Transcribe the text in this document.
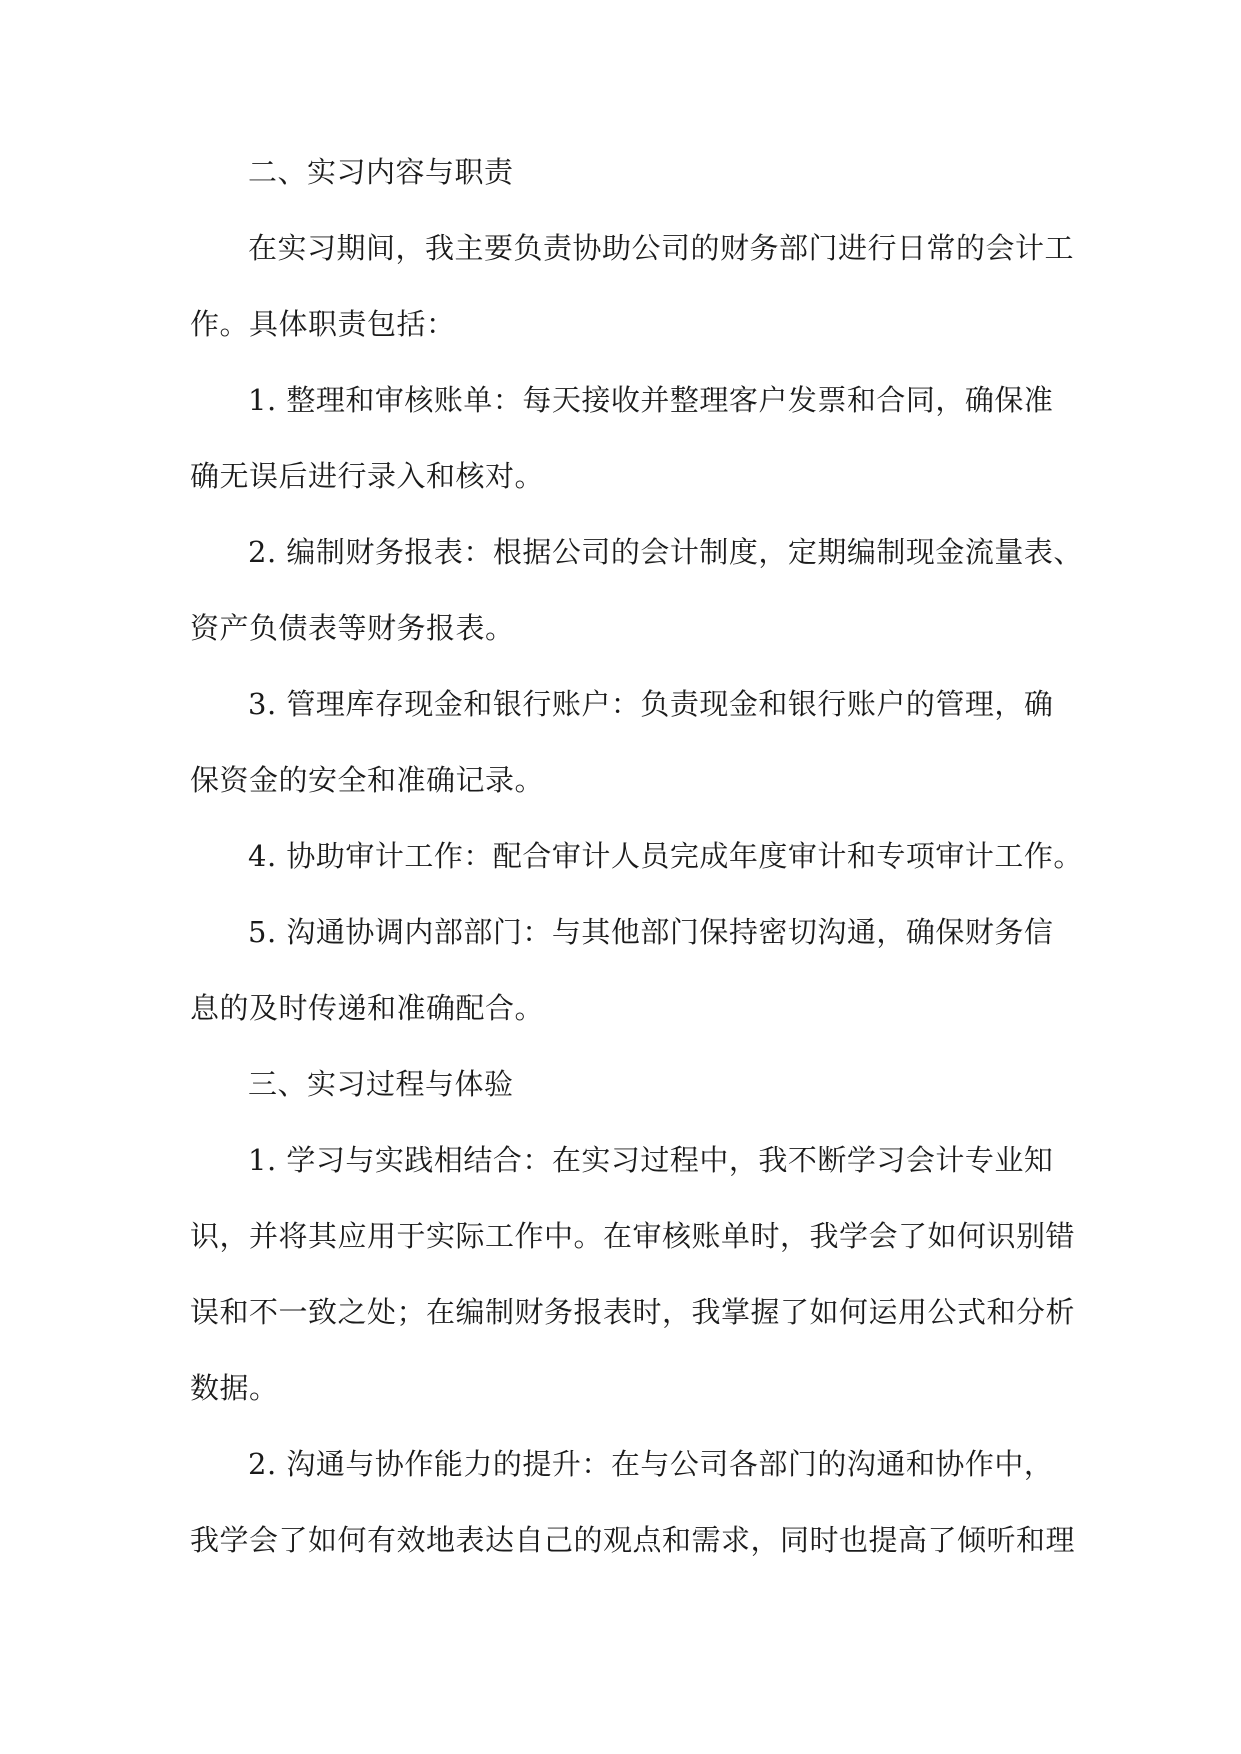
二、实习内容与职责
在实习期间，我主要负责协助公司的财务部门进行日常的会计工
作。具体职责包括：
1. 整理和审核账单：每天接收并整理客户发票和合同，确保准
确无误后进行录入和核对。
2. 编制财务报表：根据公司的会计制度，定期编制现金流量表、
资产负债表等财务报表。
3. 管理库存现金和银行账户：负责现金和银行账户的管理，确
保资金的安全和准确记录。
4. 协助审计工作：配合审计人员完成年度审计和专项审计工作。
5. 沟通协调内部部门：与其他部门保持密切沟通，确保财务信
息的及时传递和准确配合。
三、实习过程与体验
1. 学习与实践相结合：在实习过程中，我不断学习会计专业知
识，并将其应用于实际工作中。在审核账单时，我学会了如何识别错
误和不一致之处；在编制财务报表时，我掌握了如何运用公式和分析
数据。
2. 沟通与协作能力的提升：在与公司各部门的沟通和协作中，
我学会了如何有效地表达自己的观点和需求，同时也提高了倾听和理
